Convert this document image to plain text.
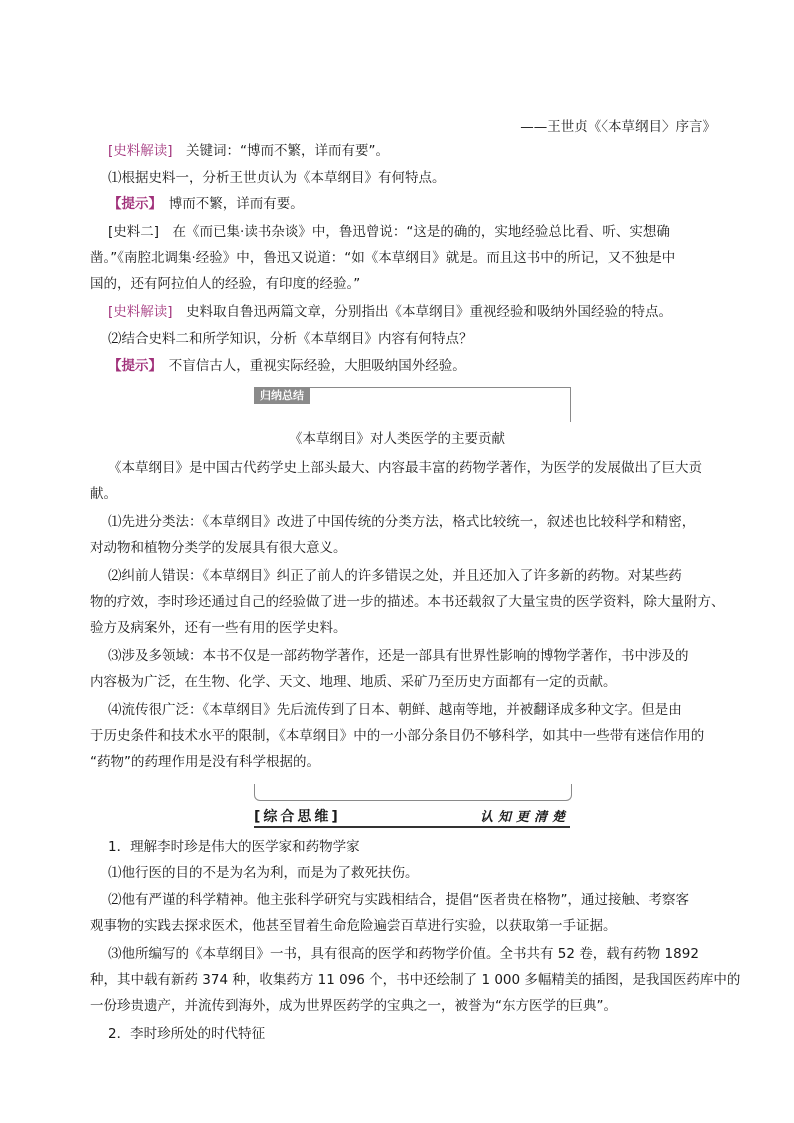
——王世贞《〈本草纲目〉序言》
[史料解读]　关键词：“博而不繁，详而有要”。
⑴根据史料一，分析王世贞认为《本草纲目》有何特点。
【提示】　博而不繁，详而有要。
[史料二]　在《而已集·读书杂谈》中，鲁迅曾说：“这是的确的，实地经验总比看、听、实想确
凿。”《南腔北调集·经验》中，鲁迅又说道：“如《本草纲目》就是。而且这书中的所记，又不独是中
国的，还有阿拉伯人的经验，有印度的经验。”
[史料解读]　史料取自鲁迅两篇文章，分别指出《本草纲目》重视经验和吸纳外国经验的特点。
⑵结合史料二和所学知识，分析《本草纲目》内容有何特点？
【提示】　不盲信古人，重视实际经验，大胆吸纳国外经验。
归纳总结
《本草纲目》对人类医学的主要贡献
《本草纲目》是中国古代药学史上部头最大、内容最丰富的药物学著作，为医学的发展做出了巨大贡
献。
⑴先进分类法：《本草纲目》改进了中国传统的分类方法，格式比较统一，叙述也比较科学和精密，
对动物和植物分类学的发展具有很大意义。
⑵纠前人错误：《本草纲目》纠正了前人的许多错误之处，并且还加入了许多新的药物。对某些药
物的疗效，李时珍还通过自己的经验做了进一步的描述。本书还载叙了大量宝贵的医学资料，除大量附方、
验方及病案外，还有一些有用的医学史料。
⑶涉及多领域：本书不仅是一部药物学著作，还是一部具有世界性影响的博物学著作，书中涉及的
内容极为广泛，在生物、化学、天文、地理、地质、采矿乃至历史方面都有一定的贡献。
⑷流传很广泛：《本草纲目》先后流传到了日本、朝鲜、越南等地，并被翻译成多种文字。但是由
于历史条件和技术水平的限制，《本草纲目》中的一小部分条目仍不够科学，如其中一些带有迷信作用的
“药物”的药理作用是没有科学根据的。
[综合思维]	认知更清楚
1．理解李时珍是伟大的医学家和药物学家
⑴他行医的目的不是为名为利，而是为了救死扶伤。
⑵他有严谨的科学精神。他主张科学研究与实践相结合，提倡“医者贵在格物”，通过接触、考察客
观事物的实践去探求医术，他甚至冒着生命危险遍尝百草进行实验，以获取第一手证据。
⑶他所编写的《本草纲目》一书，具有很高的医学和药物学价值。全书共有 52 卷，载有药物 1892
种，其中载有新药 374 种，收集药方 11 096 个，书中还绘制了 1 000 多幅精美的插图，是我国医药库中的
一份珍贵遗产，并流传到海外，成为世界医药学的宝典之一，被誉为“东方医学的巨典”。
2．李时珍所处的时代特征
